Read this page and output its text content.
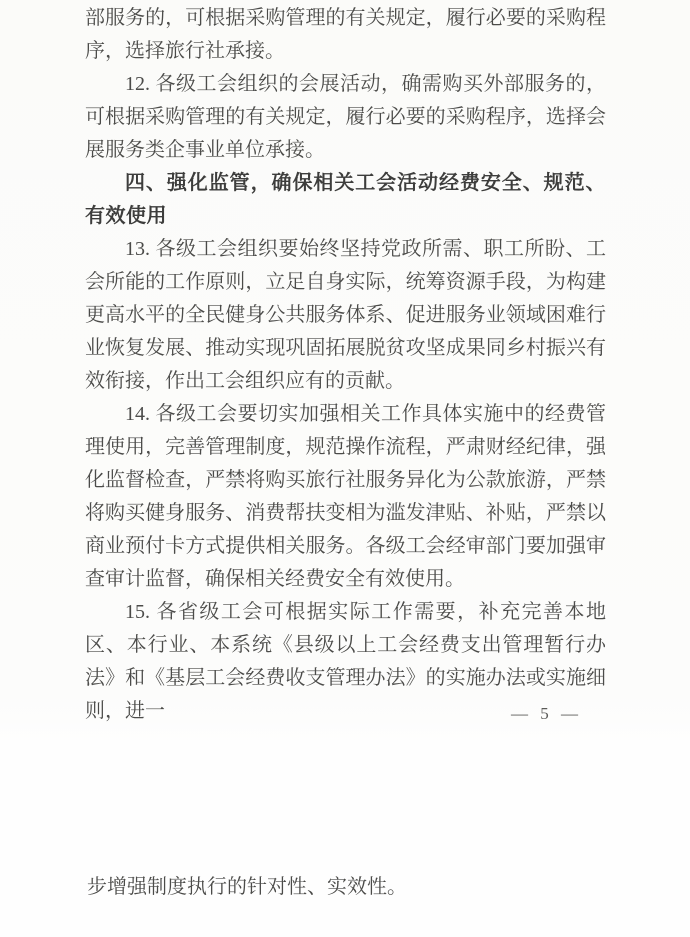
部服务的，可根据采购管理的有关规定，履行必要的采购程序，选择旅行社承接。

12. 各级工会组织的会展活动，确需购买外部服务的，可根据采购管理的有关规定，履行必要的采购程序，选择会展服务类企事业单位承接。

四、强化监管，确保相关工会活动经费安全、规范、有效使用

13. 各级工会组织要始终坚持党政所需、职工所盼、工会所能的工作原则，立足自身实际，统筹资源手段，为构建更高水平的全民健身公共服务体系、促进服务业领域困难行业恢复发展、推动实现巩固拓展脱贫攻坚成果同乡村振兴有效衔接，作出工会组织应有的贡献。

14. 各级工会要切实加强相关工作具体实施中的经费管理使用，完善管理制度，规范操作流程，严肃财经纪律，强化监督检查，严禁将购买旅行社服务异化为公款旅游，严禁将购买健身服务、消费帮扶变相为滥发津贴、补贴，严禁以商业预付卡方式提供相关服务。各级工会经审部门要加强审查审计监督，确保相关经费安全有效使用。

15. 各省级工会可根据实际工作需要，补充完善本地区、本行业、本系统《县级以上工会经费支出管理暂行办法》和《基层工会经费收支管理办法》的实施办法或实施细则，进一	— 5 —
步增强制度执行的针对性、实效性。
